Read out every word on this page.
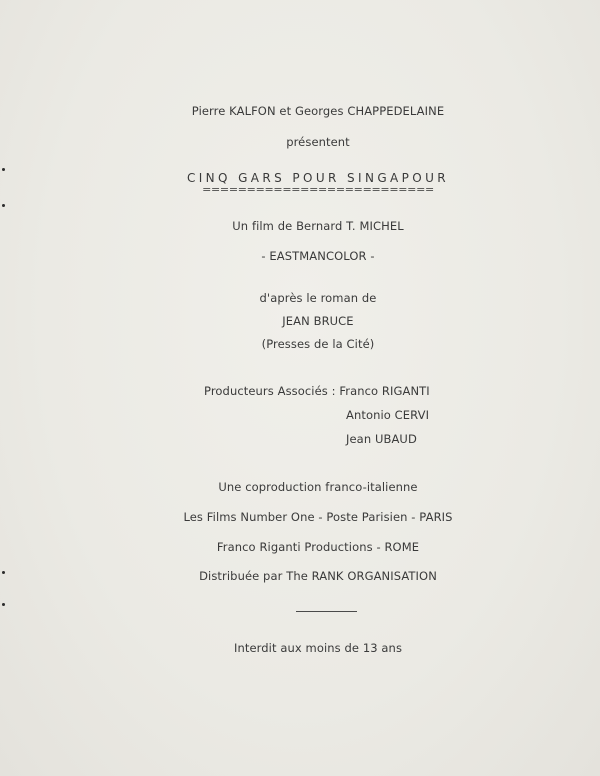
Pierre KALFON et Georges CHAPPEDELAINE
présentent
CINQ GARS POUR SINGAPOUR
==========================
Un film de Bernard T. MICHEL
- EASTMANCOLOR -
d'après le roman de
JEAN BRUCE
(Presses de la Cité)
Producteurs Associés : Franco RIGANTI
Antonio CERVI
Jean UBAUD
Une coproduction franco-italienne
Les Films Number One - Poste Parisien - PARIS
Franco Riganti Productions - ROME
Distribuée par The RANK ORGANISATION
Interdit aux moins de 13 ans
